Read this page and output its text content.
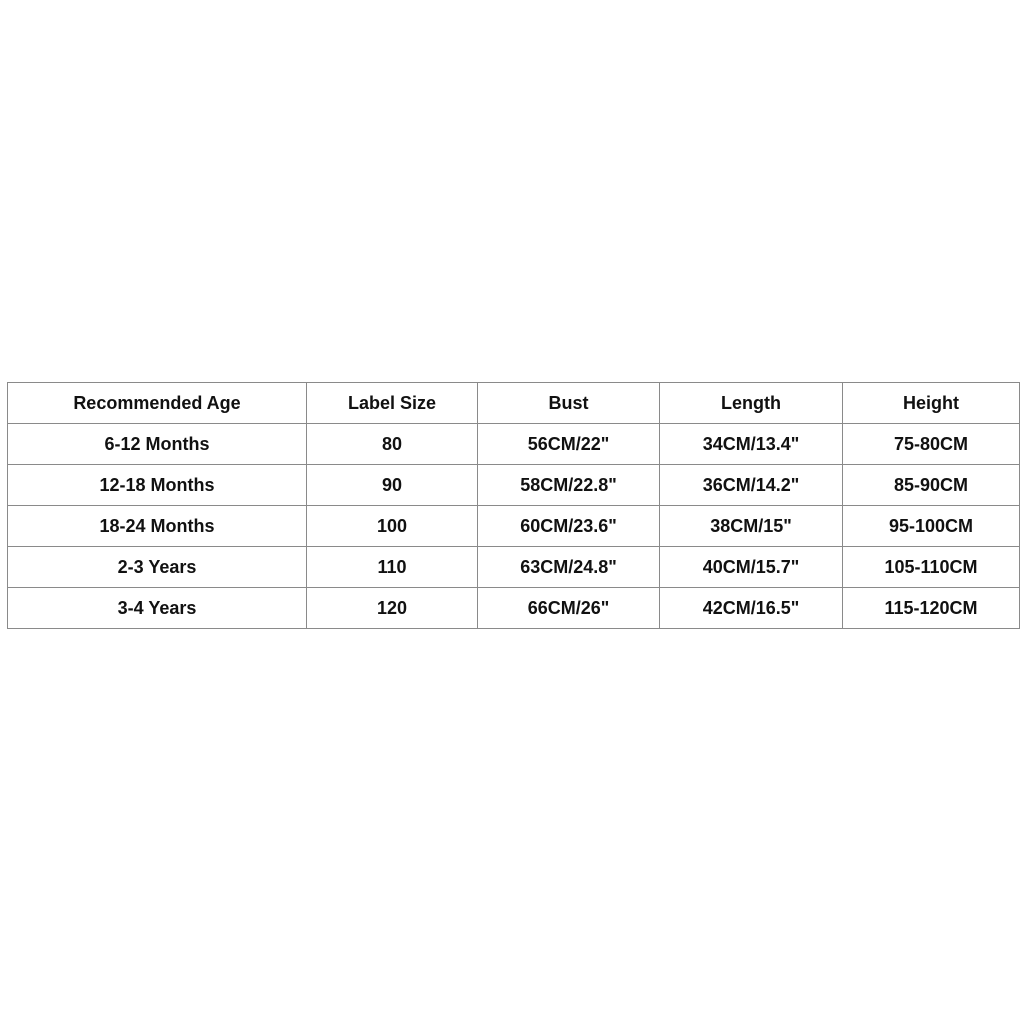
Recommended Age	Label Size	Bust	Length	Height
6-12 Months	80	56CM/22"	34CM/13.4"	75-80CM
12-18 Months	90	58CM/22.8"	36CM/14.2"	85-90CM
18-24 Months	100	60CM/23.6"	38CM/15"	95-100CM
2-3 Years	110	63CM/24.8"	40CM/15.7"	105-110CM
3-4 Years	120	66CM/26"	42CM/16.5"	115-120CM
